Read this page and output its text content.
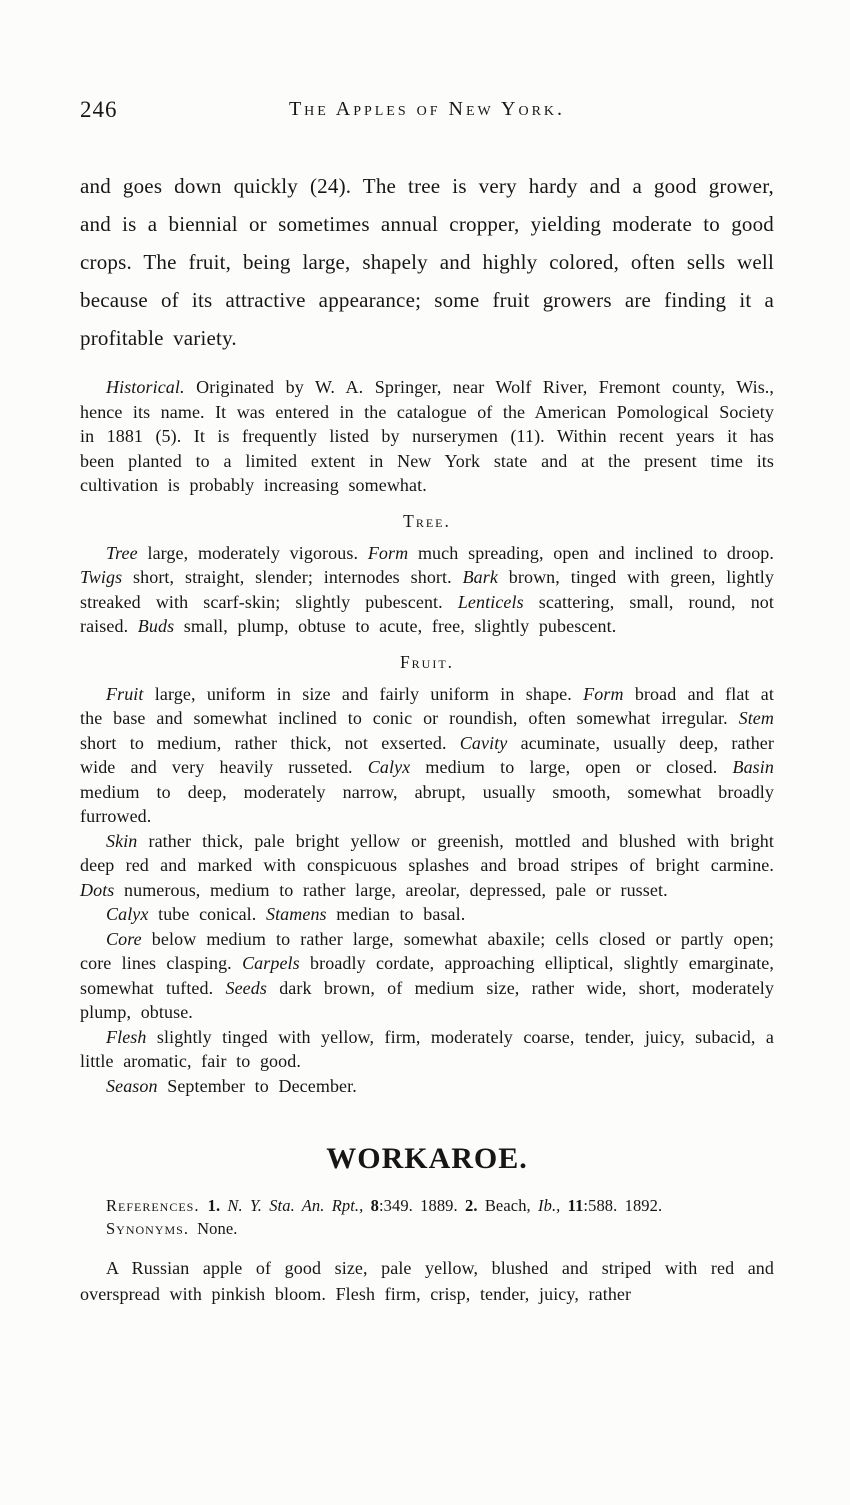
246	The Apples of New York.

and goes down quickly (24). The tree is very hardy and a good grower, and is a biennial or sometimes annual cropper, yielding moderate to good crops. The fruit, being large, shapely and highly colored, often sells well because of its attractive appearance; some fruit growers are finding it a profitable variety.

Historical. Originated by W. A. Springer, near Wolf River, Fremont county, Wis., hence its name. It was entered in the catalogue of the American Pomological Society in 1881 (5). It is frequently listed by nurserymen (11). Within recent years it has been planted to a limited extent in New York state and at the present time its cultivation is probably increasing somewhat.

Tree.

Tree large, moderately vigorous. Form much spreading, open and inclined to droop. Twigs short, straight, slender; internodes short. Bark brown, tinged with green, lightly streaked with scarf-skin; slightly pubescent. Lenticels scattering, small, round, not raised. Buds small, plump, obtuse to acute, free, slightly pubescent.

Fruit.

Fruit large, uniform in size and fairly uniform in shape. Form broad and flat at the base and somewhat inclined to conic or roundish, often somewhat irregular. Stem short to medium, rather thick, not exserted. Cavity acuminate, usually deep, rather wide and very heavily russeted. Calyx medium to large, open or closed. Basin medium to deep, moderately narrow, abrupt, usually smooth, somewhat broadly furrowed.

Skin rather thick, pale bright yellow or greenish, mottled and blushed with bright deep red and marked with conspicuous splashes and broad stripes of bright carmine. Dots numerous, medium to rather large, areolar, depressed, pale or russet.

Calyx tube conical. Stamens median to basal.

Core below medium to rather large, somewhat abaxile; cells closed or partly open; core lines clasping. Carpels broadly cordate, approaching elliptical, slightly emarginate, somewhat tufted. Seeds dark brown, of medium size, rather wide, short, moderately plump, obtuse.

Flesh slightly tinged with yellow, firm, moderately coarse, tender, juicy, subacid, a little aromatic, fair to good.

Season September to December.

WORKAROE.

References. 1. N. Y. Sta. An. Rpt., 8:349. 1889. 2. Beach, Ib., 11:588. 1892.

Synonyms. None.

A Russian apple of good size, pale yellow, blushed and striped with red and overspread with pinkish bloom. Flesh firm, crisp, tender, juicy, rather
